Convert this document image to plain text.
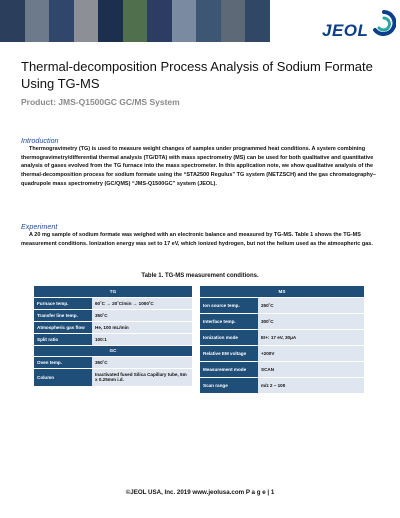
JEOL
Thermal-decomposition Process Analysis of Sodium Formate Using TG-MS
Product: JMS-Q1500GC GC/MS System
Introduction
Thermogravimetry (TG) is used to measure weight changes of samples under programmed heat conditions. A system combining thermogravimetry/differential thermal analysis (TG/DTA) with mass spectrometry (MS) can be used for both qualitative and quantitative analysis of gases evolved from the TG furnace into the mass spectrometer. In this application note, we show qualitative analysis of the thermal-decomposition process for sodium formate using the “STA2500 Regulus” TG system (NETZSCH) and the gas chromatography–quadrupole mass spectrometry (GC/QMS) “JMS-Q1500GC” system (JEOL).
Experiment
A 20 mg sample of sodium formate was weighed with an electronic balance and measured by TG-MS. Table 1 shows the TG-MS measurement conditions. Ionization energy was set to 17 eV, which ionized hydrogen, but not the helium used as the atmospheric gas.
Table 1. TG-MS measurement conditions.
TG	
Furnace temp.	60˚C → 20˚C/min → 1000˚C
Transfer line temp.	350˚C
Atmospheric gas flow	He, 100 mL/min
Split ratio	100:1
GC	
Oven temp.	350˚C
Column	Inactivated fused Silica Capillary tube, 5m x 0.25mm i.d.
MS	
Ion source temp.	250˚C
Interface temp.	300˚C
Ionization mode	EI+: 17 eV, 30μA
Relative EM voltage	+200V
Measurement mode	SCAN
Scan range	m/z 2 – 100
©JEOL USA, Inc. 2019 www.jeolusa.com P a g e | 1
